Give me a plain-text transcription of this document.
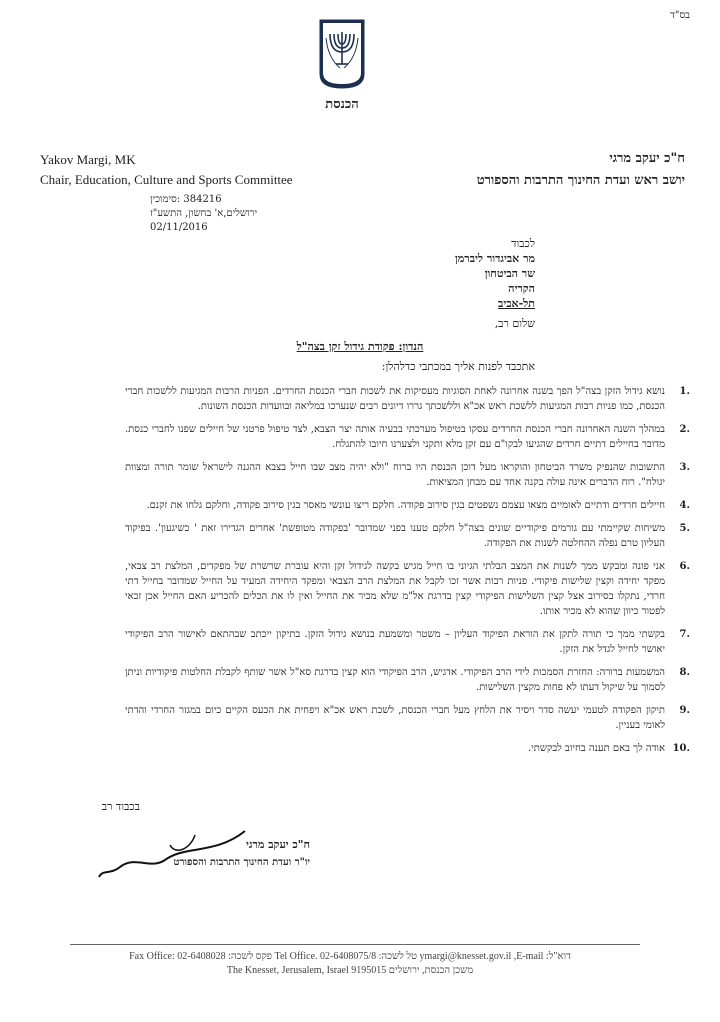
בס"ד
הכנסת
Yakov Margi, MK
Chair, Education, Culture and Sports Committee
ח"כ יעקב מרגי
יושב ראש ועדת החינוך התרבות והספורט
384216 :סימוכין
ירושלים,א' בחשון, התשע"ז
02/11/2016
לכבוד
מר אביגדור ליברמן
שר הביטחון
הקריה
תל-אביב
שלום רב,
הנדון: פקודת גידול זקן בצה"ל
אתכבד לפנות אליך במכתבי כדלהלן:
.1
נושא גידול הזקן בצה"ל הפך בשנה אחרונה לאחת הסוגיות מעסיקות את לשכות חברי הכנסת החרדים. הפניות הרבות המגיעות ללשכות חברי הכנסת, כמו פניות רבות המגיעות ללשכת ראש אכ"א וללשכתך גררו דיונים רבים שנערכו במליאה ובוועדות הכנסת השונות.
.2
במהלך השנה האחרונה חברי הכנסת החרדים עסקו בטיפול מערכתי בבעיה אותה יצר הצבא, לצד טיפול פרטני של חיילים שפנו לחברי כנסת. מדובר בחיילים דתיים חרדים שהגיעו לבקו"ם עם זקן מלא ותקני ולצערנו חיובו להתגלח.
.3
התשובות שהנפיק משרד הביטחון והוקראו מעל דוכן הכנסת היו ברוח "ולא יהיה מצב שבו חייל בצבא ההגנה לישראל שומר תורה ומצוות יגולח". רוח הדברים אינה עולה בקנה אחד עם מבחן המציאות.
.4
חיילים חרדים ודתיים לאומיים מצאו עצמם נשפטים בגין סירוב פקודה. חלקם ריצו עונשי מאסר בגין סירוב פקודה, וחלקם גלחו את זקנם.
.5
משיחות שקיימתי עם גורמים פיקודיים שונים בצה"ל חלקם טענו בפני שמדובר 'בפקודה מטופשת' אחרים הגדירו זאת ' כשיגעון'. בפיקוד העליון טרם נפלה ההחלטה לשנות את הפקודה.
.6
אני פונה ומבקש ממך לשנות את המצב הבלתי הגיוני בו חייל מגיש בקשה לגידול זקן והיא עוברת שרשרת של מפקדים, המלצת רב צבאי, מפקד יחידה וקצין שלישות פיקודי. פניות רבות אשר זכו לקבל את המלצת הרב הצבאי ומפקד היחידה המעיד על החייל שמדובר בחייל דתי חרדי, נתקלו בסירוב אצל קצין השלישות הפיקודי קצין בדרגת אל"מ שלא מכיר את החייל ואין לו את הכלים להכריע האם החייל אכן זכאי לפטור כיוון שהוא לא מכיר אותו.
.7
בקשתי ממך כי תורה לתקן את הוראת הפיקוד העליון – משטר ומשמעת בנושא גידול הזקן. בתיקון ייכתב שבהתאם לאישור הרב הפיקודי יאושר לחייל לגדל את הזקן.
.8
המשמעות ברורה: החזרת הסמכות לידי הרב הפיקודי. אדגיש, הרב הפיקודי הוא קצין בדרגת סא"ל אשר שותף לקבלת החלטות פיקודיות וניתן לסמוך על שיקול דעתו לא פחות מקצין השלישות.
.9
תיקון הפקודה לטעמי יעשה סדר ויסיר את הלחץ מעל חברי הכנסת, לשכת ראש אכ"א ויפחית את הכעס הקיים כיום במגזר החרדי והדתי לאומי בעניין.
.10
אודה לך באם תענה בחיוב לבקשתי.
בכבוד רב
ח"כ יעקב מרגי
יו"ר ועדת החינוך התרבות והספורט
דוא"ל: ymargi@knesset.gov.il ,E-mail טל לשכה: 02-6408075/8 .Tel Office פקס לשכה: Fax Office: 02-6408028
משכן הכנסת, ירושלים The Knesset, Jerusalem, Israel 9195015
